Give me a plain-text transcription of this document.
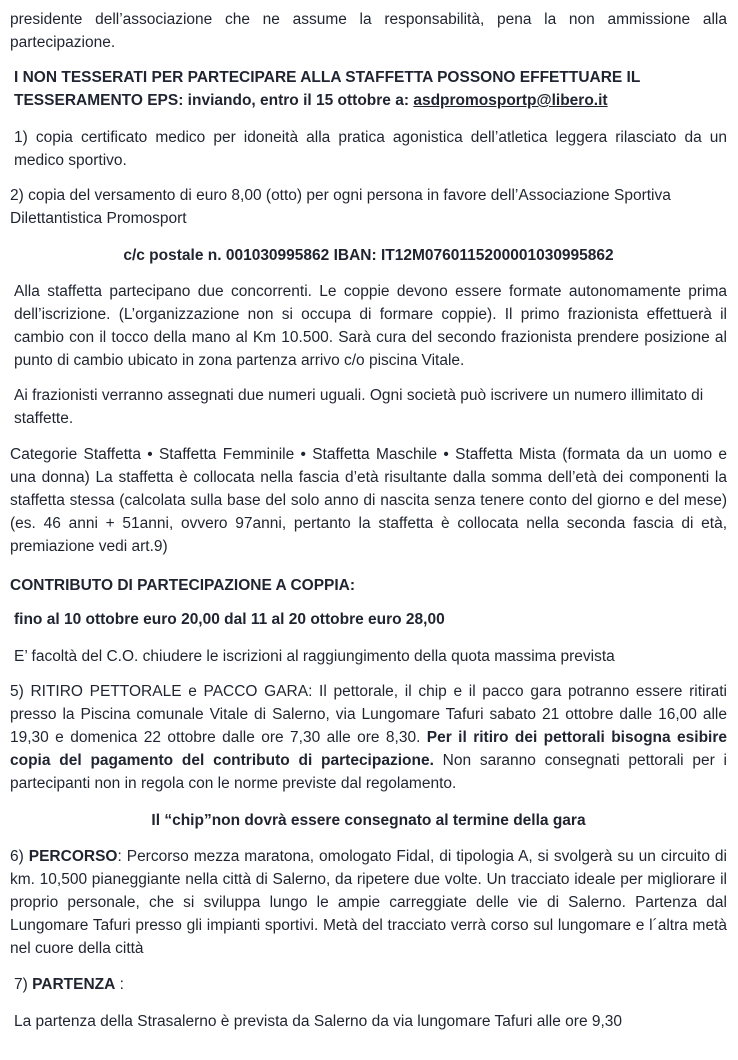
presidente dell’associazione che ne assume la responsabilità, pena la non ammissione alla partecipazione.

I NON TESSERATI PER PARTECIPARE ALLA STAFFETTA POSSONO EFFETTUARE IL TESSERAMENTO EPS: inviando, entro il 15 ottobre a: asdpromosportp@libero.it

1) copia certificato medico per idoneità alla pratica agonistica dell’atletica leggera rilasciato da un medico sportivo.

2) copia del versamento di euro 8,00 (otto) per ogni persona in favore dell’Associazione Sportiva Dilettantistica Promosport

c/c postale n. 001030995862 IBAN: IT12M0760115200001030995862

Alla staffetta partecipano due concorrenti. Le coppie devono essere formate autonomamente prima dell’iscrizione. (L’organizzazione non si occupa di formare coppie). Il primo frazionista effettuerà il cambio con il tocco della mano al Km 10.500. Sarà cura del secondo frazionista prendere posizione al punto di cambio ubicato in zona partenza arrivo c/o piscina Vitale.

Ai frazionisti verranno assegnati due numeri uguali. Ogni società può iscrivere un numero illimitato di staffette.

Categorie Staffetta • Staffetta Femminile • Staffetta Maschile • Staffetta Mista (formata da un uomo e una donna) La staffetta è collocata nella fascia d’età risultante dalla somma dell’età dei componenti la staffetta stessa (calcolata sulla base del solo anno di nascita senza tenere conto del giorno e del mese) (es. 46 anni + 51anni, ovvero 97anni, pertanto la staffetta è collocata nella seconda fascia di età, premiazione vedi art.9)

CONTRIBUTO DI PARTECIPAZIONE A COPPIA:

fino al 10 ottobre euro 20,00 dal 11 al 20 ottobre euro 28,00

E’ facoltà del C.O. chiudere le iscrizioni al raggiungimento della quota massima prevista

5) RITIRO PETTORALE e PACCO GARA: Il pettorale, il chip e il pacco gara potranno essere ritirati presso la Piscina comunale Vitale di Salerno, via Lungomare Tafuri sabato 21 ottobre dalle 16,00 alle 19,30 e domenica 22 ottobre dalle ore 7,30 alle ore 8,30. Per il ritiro dei pettorali bisogna esibire copia del pagamento del contributo di partecipazione. Non saranno consegnati pettorali per i partecipanti non in regola con le norme previste dal regolamento.

Il “chip”non dovrà essere consegnato al termine della gara

6) PERCORSO: Percorso mezza maratona, omologato Fidal, di tipologia A, si svolgerà su un circuito di km. 10,500 pianeggiante nella città di Salerno, da ripetere due volte. Un tracciato ideale per migliorare il proprio personale, che si sviluppa lungo le ampie carreggiate delle vie di Salerno. Partenza dal Lungomare Tafuri presso gli impianti sportivi. Metà del tracciato verrà corso sul lungomare e l´altra metà nel cuore della città

7) PARTENZA :

La partenza della Strasalerno è prevista da Salerno da via lungomare Tafuri alle ore 9,30
